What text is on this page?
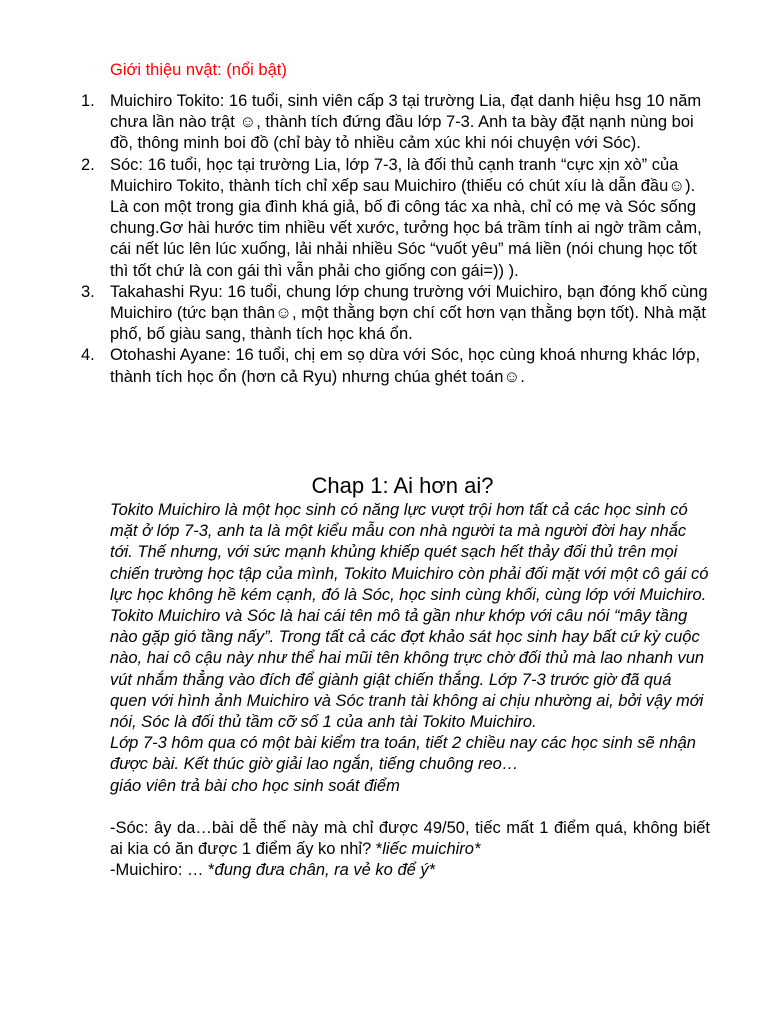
Giới thiệu nvật: (nổi bật)

1. Muichiro Tokito: 16 tuổi, sinh viên cấp 3 tại trường Lia, đạt danh hiệu hsg 10 năm chưa lần nào trật ☺, thành tích đứng đầu lớp 7-3. Anh ta bày đặt nạnh nùng boi đồ, thông minh boi đồ (chỉ bày tỏ nhiều cảm xúc khi nói chuyện với Sóc).
2. Sóc: 16 tuổi, học tại trường Lia, lớp 7-3, là đối thủ cạnh tranh “cực xịn xò” của Muichiro Tokito, thành tích chỉ xếp sau Muichiro (thiếu có chút xíu là dẫn đầu☺). Là con một trong gia đình khá giả, bố đi công tác xa nhà, chỉ có mẹ và Sóc sống chung.Gơ hài hước tim nhiều vết xước, tưởng học bá trầm tính ai ngờ trầm cảm, cái nết lúc lên lúc xuống, lải nhải nhiều Sóc “vuốt yêu” má liền (nói chung học tốt thì tốt chứ là con gái thì vẫn phải cho giống con gái=)) ).
3. Takahashi Ryu: 16 tuổi, chung lớp chung trường với Muichiro, bạn đóng khố cùng Muichiro (tức bạn thân☺, một thằng bợn chí cốt hơn vạn thằng bợn tốt). Nhà mặt phố, bố giàu sang, thành tích học khá ổn.
4. Otohashi Ayane: 16 tuổi, chị em sọ dừa với Sóc, học cùng khoá nhưng khác lớp, thành tích học ổn (hơn cả Ryu) nhưng chúa ghét toán☺.
Chap 1: Ai hơn ai?

Tokito Muichiro là một học sinh có năng lực vượt trội hơn tất cả các học sinh có mặt ở lớp 7-3, anh ta là một kiểu mẫu con nhà người ta mà người đời hay nhắc tới. Thế nhưng, với sức mạnh khủng khiếp quét sạch hết thảy đối thủ trên mọi chiến trường học tập của mình, Tokito Muichiro còn phải đối mặt với một cô gái có lực học không hề kém cạnh, đó là Sóc, học sinh cùng khối, cùng lớp với Muichiro. Tokito Muichiro và Sóc là hai cái tên mô tả gần như khớp với câu nói “mây tầng nào gặp gió tầng nấy”. Trong tất cả các đợt khảo sát học sinh hay bất cứ kỳ cuộc nào, hai cô cậu này như thể hai mũi tên không trực chờ đối thủ mà lao nhanh vun vút nhắm thẳng vào đích để giành giật chiến thắng. Lớp 7-3 trước giờ đã quá quen với hình ảnh Muichiro và Sóc tranh tài không ai chịu nhường ai, bởi vậy mới nói, Sóc là đối thủ tầm cỡ số 1 của anh tài Tokito Muichiro.

Lớp 7-3 hôm qua có một bài kiểm tra toán, tiết 2 chiều nay các học sinh sẽ nhận được bài. Kết thúc giờ giải lao ngắn, tiếng chuông reo…

giáo viên trả bài cho học sinh soát điểm

-Sóc: ây da…bài dễ thế này mà chỉ được 49/50, tiếc mất 1 điểm quá, không biết ai kia có ăn được 1 điểm ấy ko nhỉ? *liếc muichiro*

-Muichiro: … *đung đưa chân, ra vẻ ko để ý*
